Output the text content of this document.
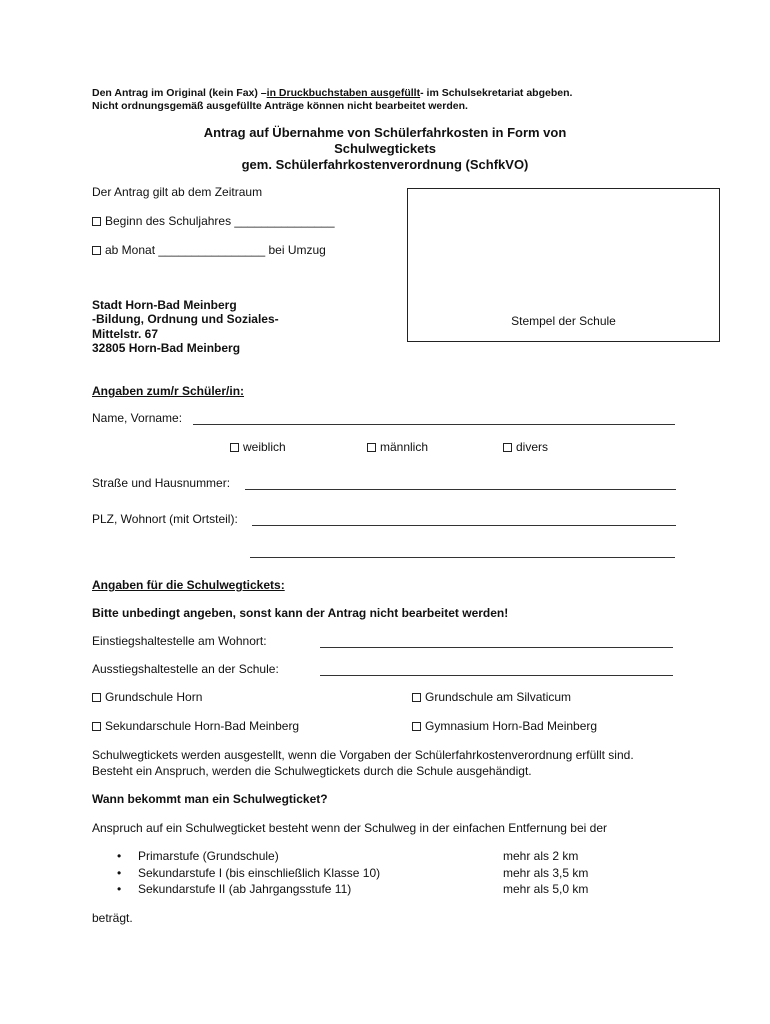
Den Antrag im Original (kein Fax) –in Druckbuchstaben ausgefüllt- im Schulsekretariat abgeben.
Nicht ordnungsgemäß ausgefüllte Anträge können nicht bearbeitet werden.
Antrag auf Übernahme von Schülerfahrkosten in Form von
Schulwegtickets
gem. Schülerfahrkostenverordnung (SchfkVO)
Der Antrag gilt ab dem Zeitraum
Beginn des Schuljahres _______________
ab Monat ________________ bei Umzug
Stempel der Schule
Stadt Horn-Bad Meinberg
-Bildung, Ordnung und Soziales-
Mittelstr. 67
32805 Horn-Bad Meinberg
Angaben zum/r Schüler/in:
Name, Vorname:
weiblich	männlich	divers
Straße und Hausnummer:
PLZ, Wohnort (mit Ortsteil):
Angaben für die Schulwegtickets:
Bitte unbedingt angeben, sonst kann der Antrag nicht bearbeitet werden!
Einstiegshaltestelle am Wohnort:
Ausstiegshaltestelle an der Schule:
Grundschule Horn	Grundschule am Silvaticum
Sekundarschule Horn-Bad Meinberg	Gymnasium Horn-Bad Meinberg
Schulwegtickets werden ausgestellt, wenn die Vorgaben der Schülerfahrkostenverordnung erfüllt sind.
Besteht ein Anspruch, werden die Schulwegtickets durch die Schule ausgehändigt.
Wann bekommt man ein Schulwegticket?
Anspruch auf ein Schulwegticket besteht wenn der Schulweg in der einfachen Entfernung bei der
• Primarstufe (Grundschule)	mehr als 2 km
• Sekundarstufe I (bis einschließlich Klasse 10)	mehr als 3,5 km
• Sekundarstufe II (ab Jahrgangsstufe 11)	mehr als 5,0 km
beträgt.
